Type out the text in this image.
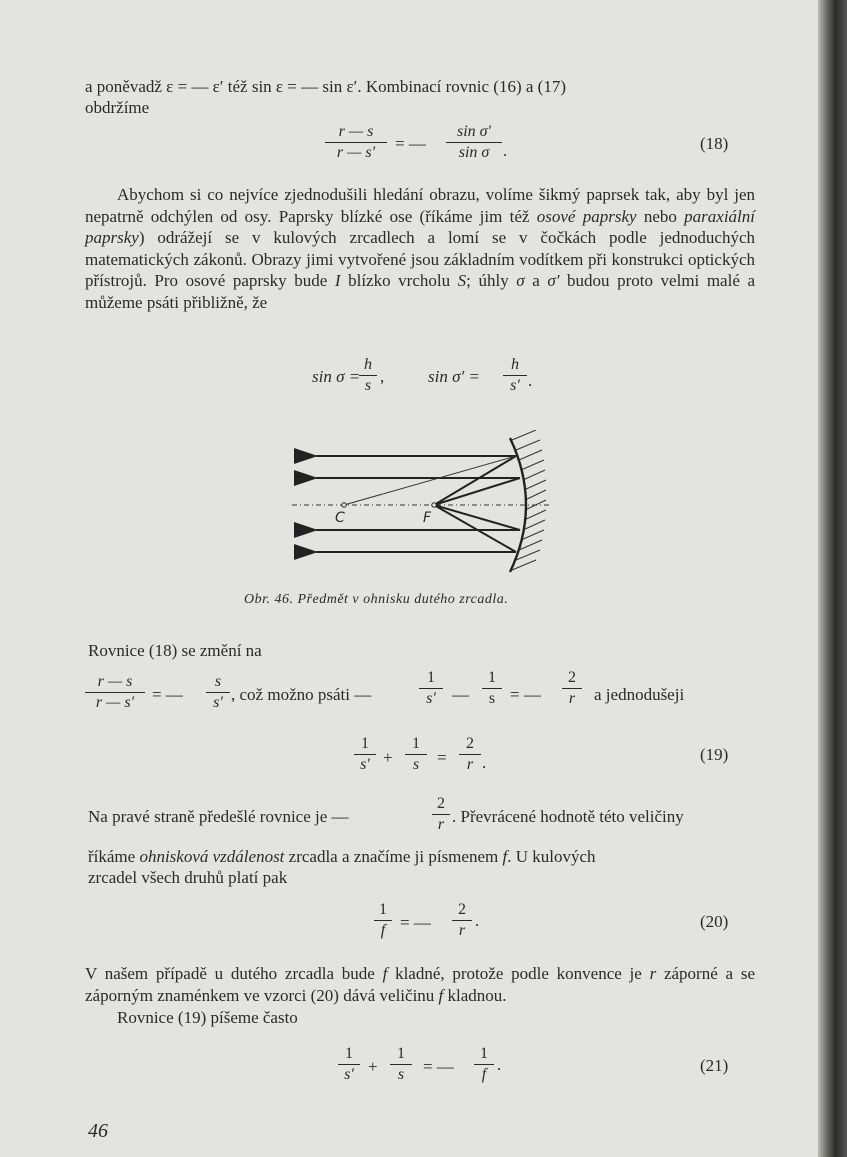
a poněvadž ε = — ε′ též sin ε = — sin ε′. Kombinací rovnic (16) a (17)
obdržíme
$\frac{r — s}{r — s'}$ = — $\frac{\text{sin σ′}}{\text{sin σ}}$ .	(18)
Abychom si co nejvíce zjednodušili hledání obrazu, volíme šikmý paprsek tak, aby byl jen nepatrně odchýlen od osy. Paprsky blízké ose (říkáme jim též osové paprsky nebo paraxiální paprsky) odrážejí se v kulových zrcadlech a lomí se v čočkách podle jednoduchých matematických zákonů. Obrazy jimi vytvořené jsou základním vodítkem při konstrukci optických přístrojů. Pro osové paprsky bude I blízko vrcholu S; úhly σ a σ′ budou proto velmi malé a můžeme psáti přibližně, že
sin σ =
$\frac{h}{s}$ ,	$\sin \sigma' = \frac{h}{s'}$ .
C	F
Obr. 46. Předmět v ohnisku dutého zrcadla.
Rovnice (18) se změní na
$\frac{r — s}{r — s'}$ = — $\frac{s}{s'}$ , což možno psáti —	$\frac{1}{s'}$ — $\frac{1}{s}$ = — $\frac{2}{r}$ a jednodušeji
$\frac{1}{s'} + \frac{1}{s} = \frac{2}{r}$ .	(19)
Na pravé straně předešlé rovnice je —	$\frac{2}{r}$ . Převrácené hodnotě této veličiny
říkáme ohnisková vzdálenost zrcadla a značíme ji písmenem f. U kulových
zrcadel všech druhů platí pak
$\frac{1}{f}$ = — $\frac{2}{r}$ .	(20)
V našem případě u dutého zrcadla bude f kladné, protože podle konvence je r záporné a se záporným znaménkem ve vzorci (20) dává veličinu f kladnou.
Rovnice (19) píšeme často
$\frac{1}{s'} + \frac{1}{s}$ = — $\frac{1}{f}$ .	(21)
46
